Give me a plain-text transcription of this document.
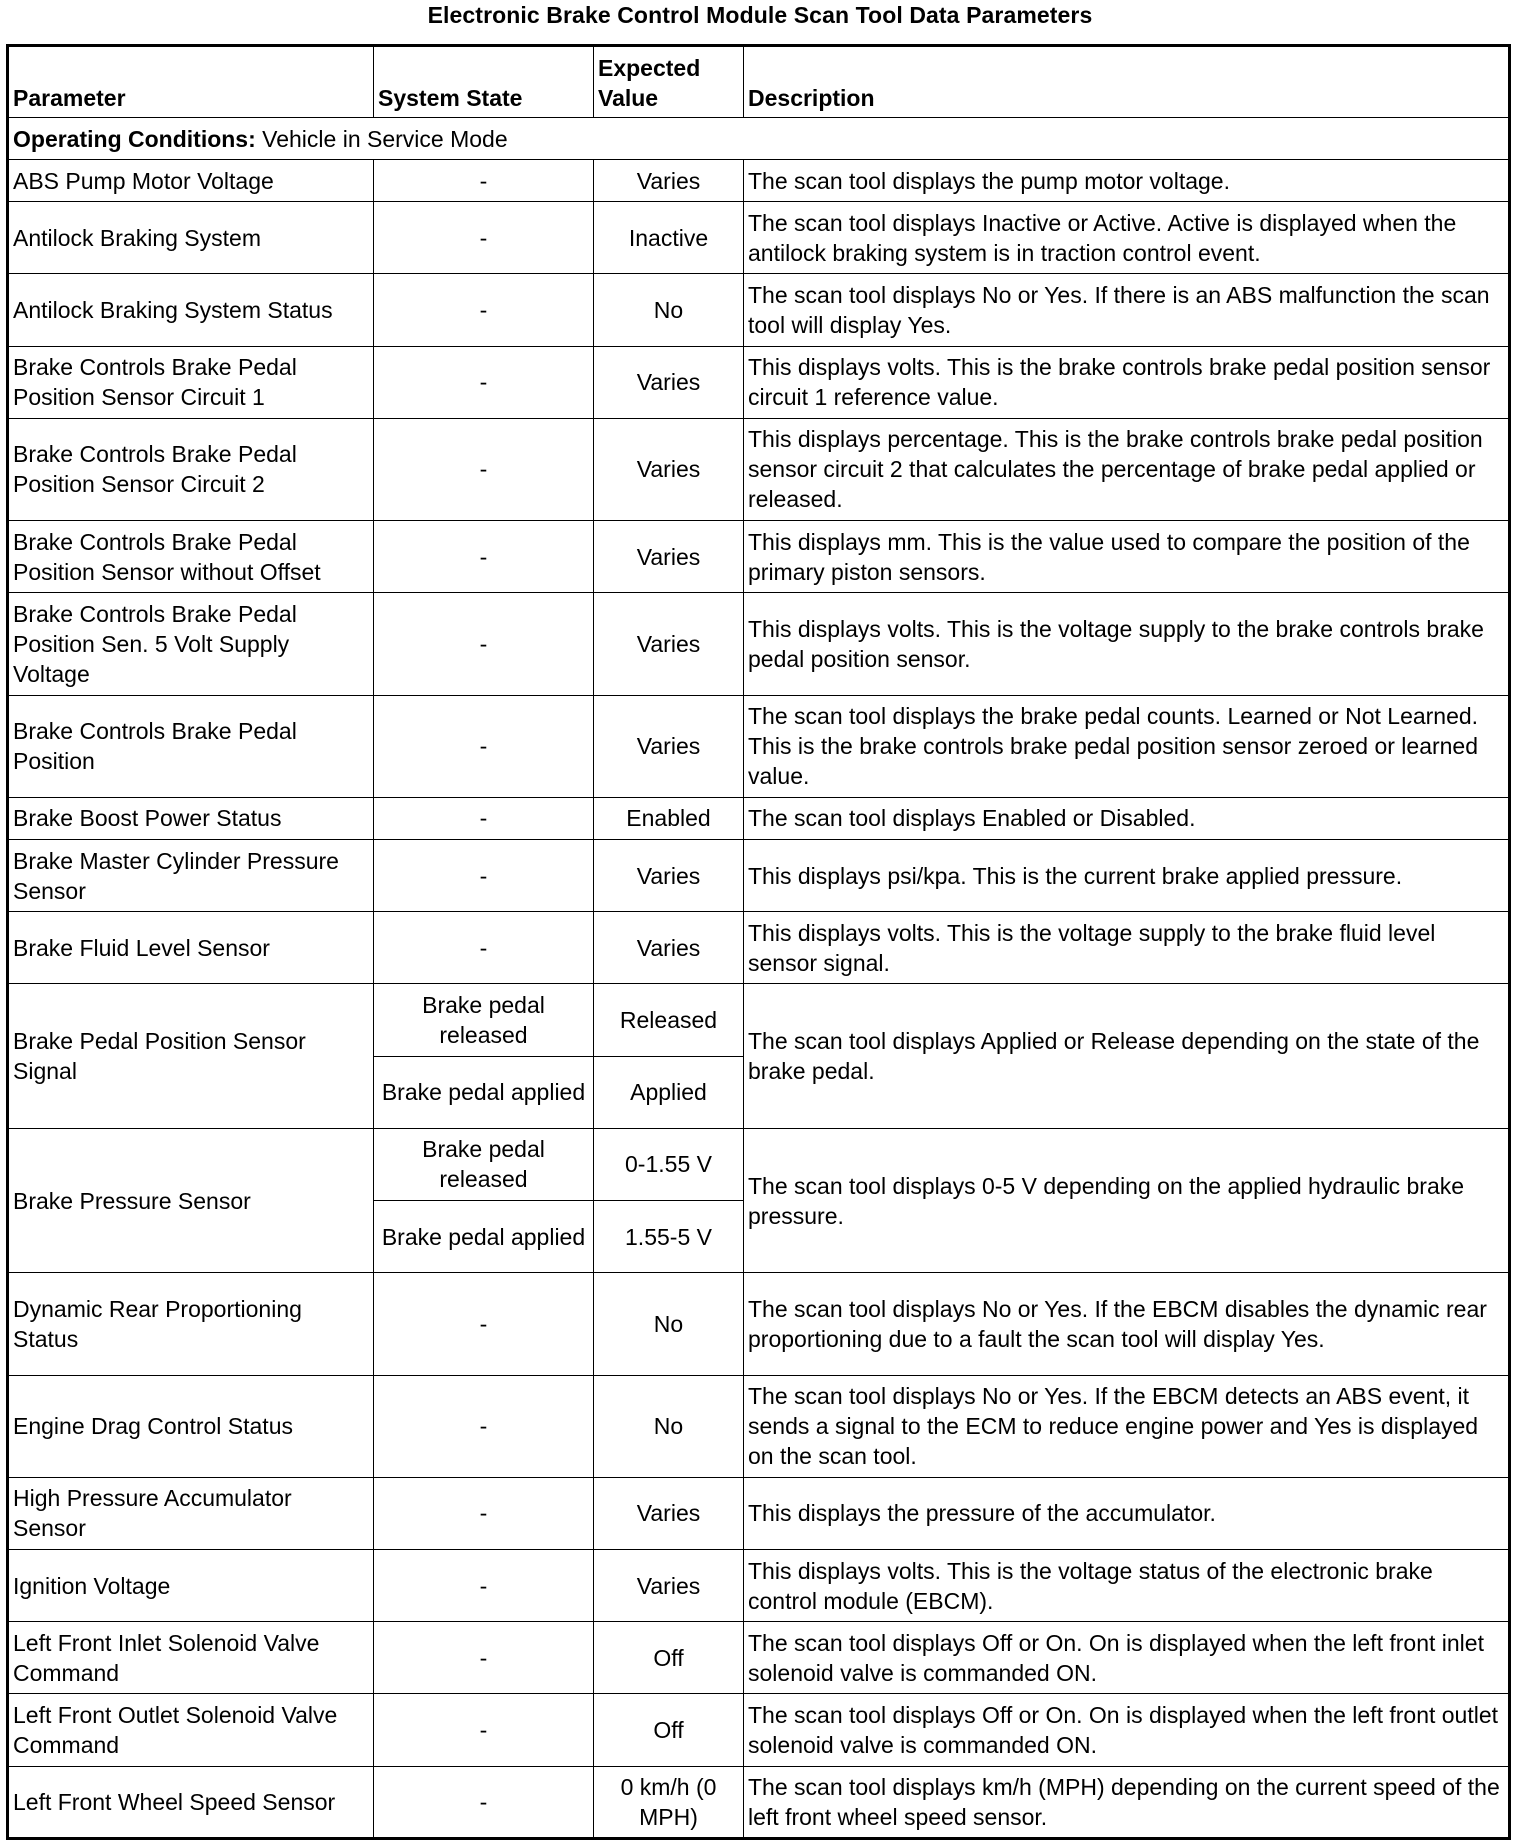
Electronic Brake Control Module Scan Tool Data Parameters
Parameter	System State	Expected Value	Description
Operating Conditions: Vehicle in Service Mode			
ABS Pump Motor Voltage	-	Varies	The scan tool displays the pump motor voltage.
Antilock Braking System	-	Inactive	The scan tool displays Inactive or Active. Active is displayed when the antilock braking system is in traction control event.
Antilock Braking System Status	-	No	The scan tool displays No or Yes. If there is an ABS malfunction the scan tool will display Yes.
Brake Controls Brake Pedal Position Sensor Circuit 1	-	Varies	This displays volts. This is the brake controls brake pedal position sensor circuit 1 reference value.
Brake Controls Brake Pedal Position Sensor Circuit 2	-	Varies	This displays percentage. This is the brake controls brake pedal position sensor circuit 2 that calculates the percentage of brake pedal applied or released.
Brake Controls Brake Pedal Position Sensor without Offset	-	Varies	This displays mm. This is the value used to compare the position of the primary piston sensors.
Brake Controls Brake Pedal Position Sen. 5 Volt Supply Voltage	-	Varies	This displays volts. This is the voltage supply to the brake controls brake pedal position sensor.
Brake Controls Brake Pedal Position	-	Varies	The scan tool displays the brake pedal counts. Learned or Not Learned. This is the brake controls brake pedal position sensor zeroed or learned value.
Brake Boost Power Status	-	Enabled	The scan tool displays Enabled or Disabled.
Brake Master Cylinder Pressure Sensor	-	Varies	This displays psi/kpa. This is the current brake applied pressure.
Brake Fluid Level Sensor	-	Varies	This displays volts. This is the voltage supply to the brake fluid level sensor signal.
Brake Pedal Position Sensor Signal	Brake pedal released	Released	The scan tool displays Applied or Release depending on the state of the brake pedal.
	Brake pedal applied	Applied	
Brake Pressure Sensor	Brake pedal released	0-1.55 V	The scan tool displays 0-5 V depending on the applied hydraulic brake pressure.
	Brake pedal applied	1.55-5 V	
Dynamic Rear Proportioning Status	-	No	The scan tool displays No or Yes. If the EBCM disables the dynamic rear proportioning due to a fault the scan tool will display Yes.
Engine Drag Control Status	-	No	The scan tool displays No or Yes. If the EBCM detects an ABS event, it sends a signal to the ECM to reduce engine power and Yes is displayed on the scan tool.
High Pressure Accumulator Sensor	-	Varies	This displays the pressure of the accumulator.
Ignition Voltage	-	Varies	This displays volts. This is the voltage status of the electronic brake control module (EBCM).
Left Front Inlet Solenoid Valve Command	-	Off	The scan tool displays Off or On. On is displayed when the left front inlet solenoid valve is commanded ON.
Left Front Outlet Solenoid Valve Command	-	Off	The scan tool displays Off or On. On is displayed when the left front outlet solenoid valve is commanded ON.
Left Front Wheel Speed Sensor	-	0 km/h (0 MPH)	The scan tool displays km/h (MPH) depending on the current speed of the left front wheel speed sensor.
